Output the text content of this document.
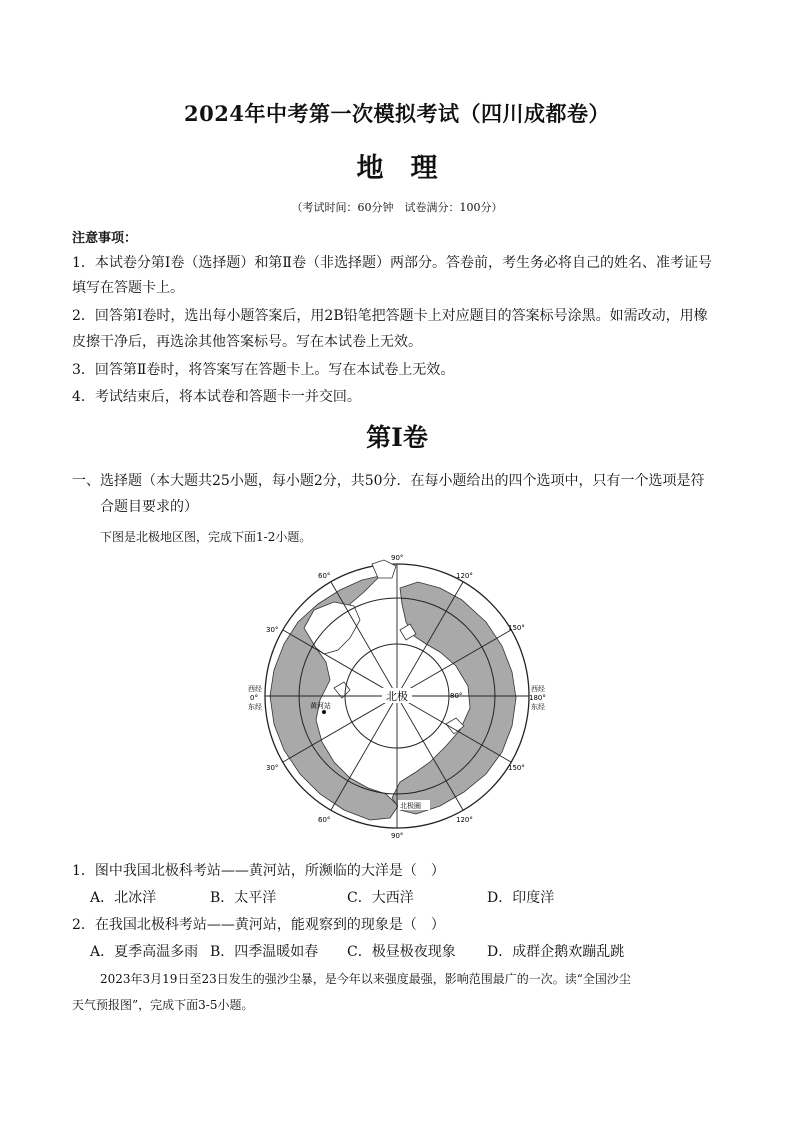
2024年中考第一次模拟考试（四川成都卷）
地　理
（考试时间：60分钟　试卷满分：100分）
注意事项：
1．本试卷分第Ⅰ卷（选择题）和第Ⅱ卷（非选择题）两部分。答卷前，考生务必将自己的姓名、准考证号
填写在答题卡上。
2．回答第Ⅰ卷时，选出每小题答案后，用2B铅笔把答题卡上对应题目的答案标号涂黑。如需改动，用橡
皮擦干净后，再选涂其他答案标号。写在本试卷上无效。
3．回答第Ⅱ卷时，将答案写在答题卡上。写在本试卷上无效。
4．考试结束后，将本试卷和答题卡一并交回。
第Ⅰ卷
一、选择题（本大题共25小题，每小题2分，共50分．在每小题给出的四个选项中，只有一个选项是符
合题目要求的）
下图是北极地区图，完成下面1-2小题。
北极
黄河站
80°
北极圈
90°
90°
60°
30°
30°
60°
120°
150°
150°
120°
西经
0°
东经
西经
180°
东经
1．图中我国北极科考站——黄河站，所濒临的大洋是（　）
A．北冰洋	B．太平洋	C．大西洋	D．印度洋
2．在我国北极科考站——黄河站，能观察到的现象是（　）
A．夏季高温多雨 B．四季温暖如春 C．极昼极夜现象 D．成群企鹅欢蹦乱跳
2023年3月19日至23日发生的强沙尘暴，是今年以来强度最强，影响范围最广的一次。读“全国沙尘
天气预报图”，完成下面3-5小题。
